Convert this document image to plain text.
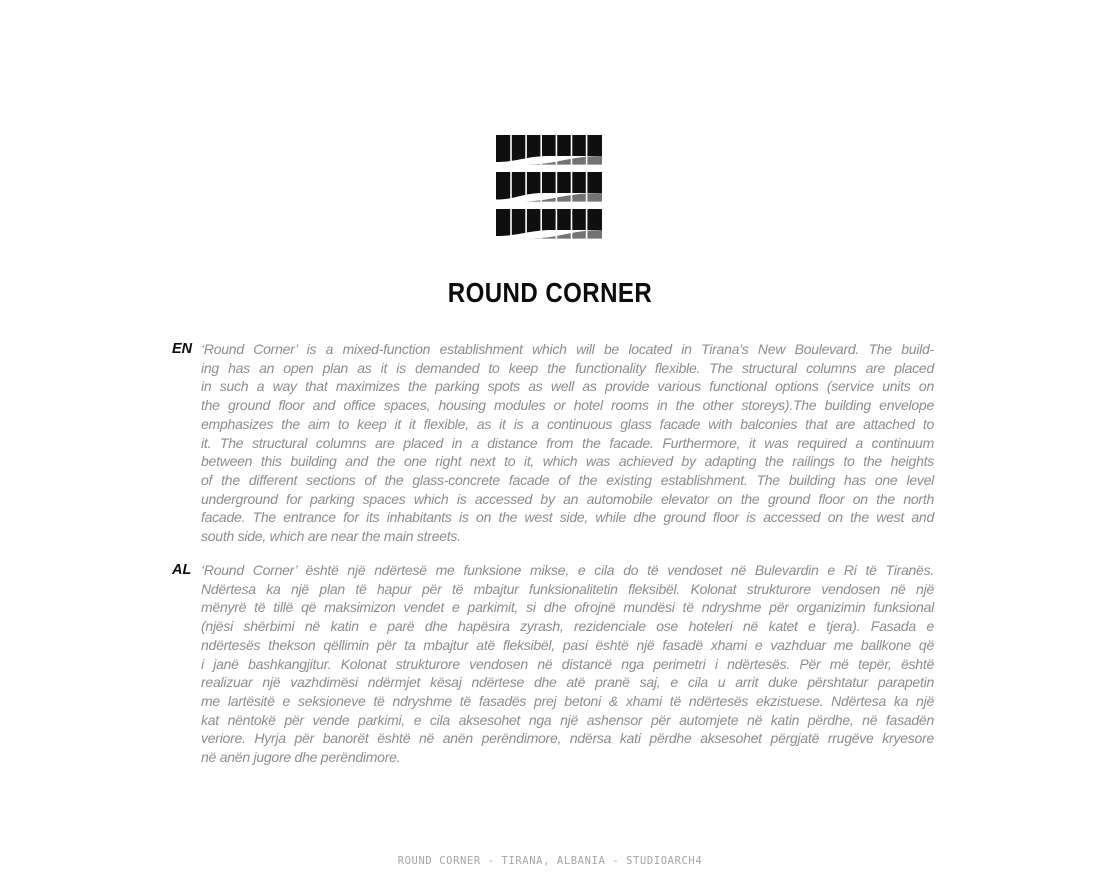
ROUND CORNER
EN ‘Round Corner’ is a mixed-function establishment which will be located in Tirana’s New Boulevard. The build-
ing has an open plan as it is demanded to keep the functionality flexible. The structural columns are placed
in such a way that maximizes the parking spots as well as provide various functional options (service units on
the ground floor and office spaces, housing modules or hotel rooms in the other storeys).The building envelope
emphasizes the aim to keep it it flexible, as it is a continuous glass facade with balconies that are attached to
it. The structural columns are placed in a distance from the facade. Furthermore, it was required a continuum
between this building and the one right next to it, which was achieved by adapting the railings to the heights
of the different sections of the glass-concrete facade of the existing establishment. The building has one level
underground for parking spaces which is accessed by an automobile elevator on the ground floor on the north
facade. The entrance for its inhabitants is on the west side, while dhe ground floor is accessed on the west and
south side, which are near the main streets.
AL ‘Round Corner’ është një ndërtesë me funksione mikse, e cila do të vendoset në Bulevardin e Ri të Tiranës.
Ndërtesa ka një plan të hapur për të mbajtur funksionalitetin fleksibël. Kolonat strukturore vendosen në një
mënyrë të tillë që maksimizon vendet e parkimit, si dhe ofrojnë mundësi të ndryshme për organizimin funksional
(njësi shërbimi në katin e parë dhe hapësira zyrash, rezidenciale ose hoteleri në katet e tjera). Fasada e
ndërtesës thekson qëllimin për ta mbajtur atë fleksibël, pasi është një fasadë xhami e vazhduar me ballkone që
i janë bashkangjitur. Kolonat strukturore vendosen në distancë nga perimetri i ndërtesës. Për më tepër, është
realizuar një vazhdimësi ndërmjet kësaj ndërtese dhe atë pranë saj, e cila u arrit duke përshtatur parapetin
me lartësitë e seksioneve të ndryshme të fasadës prej betoni & xhami të ndërtesës ekzistuese. Ndërtesa ka një
kat nëntokë për vende parkimi, e cila aksesohet nga një ashensor për automjete në katin përdhe, në fasadën
veriore. Hyrja për banorët është në anën perëndimore, ndërsa kati përdhe aksesohet përgjatë rrugëve kryesore
në anën jugore dhe perëndimore.
ROUND CORNER - TIRANA, ALBANIA - STUDIOARCH4
